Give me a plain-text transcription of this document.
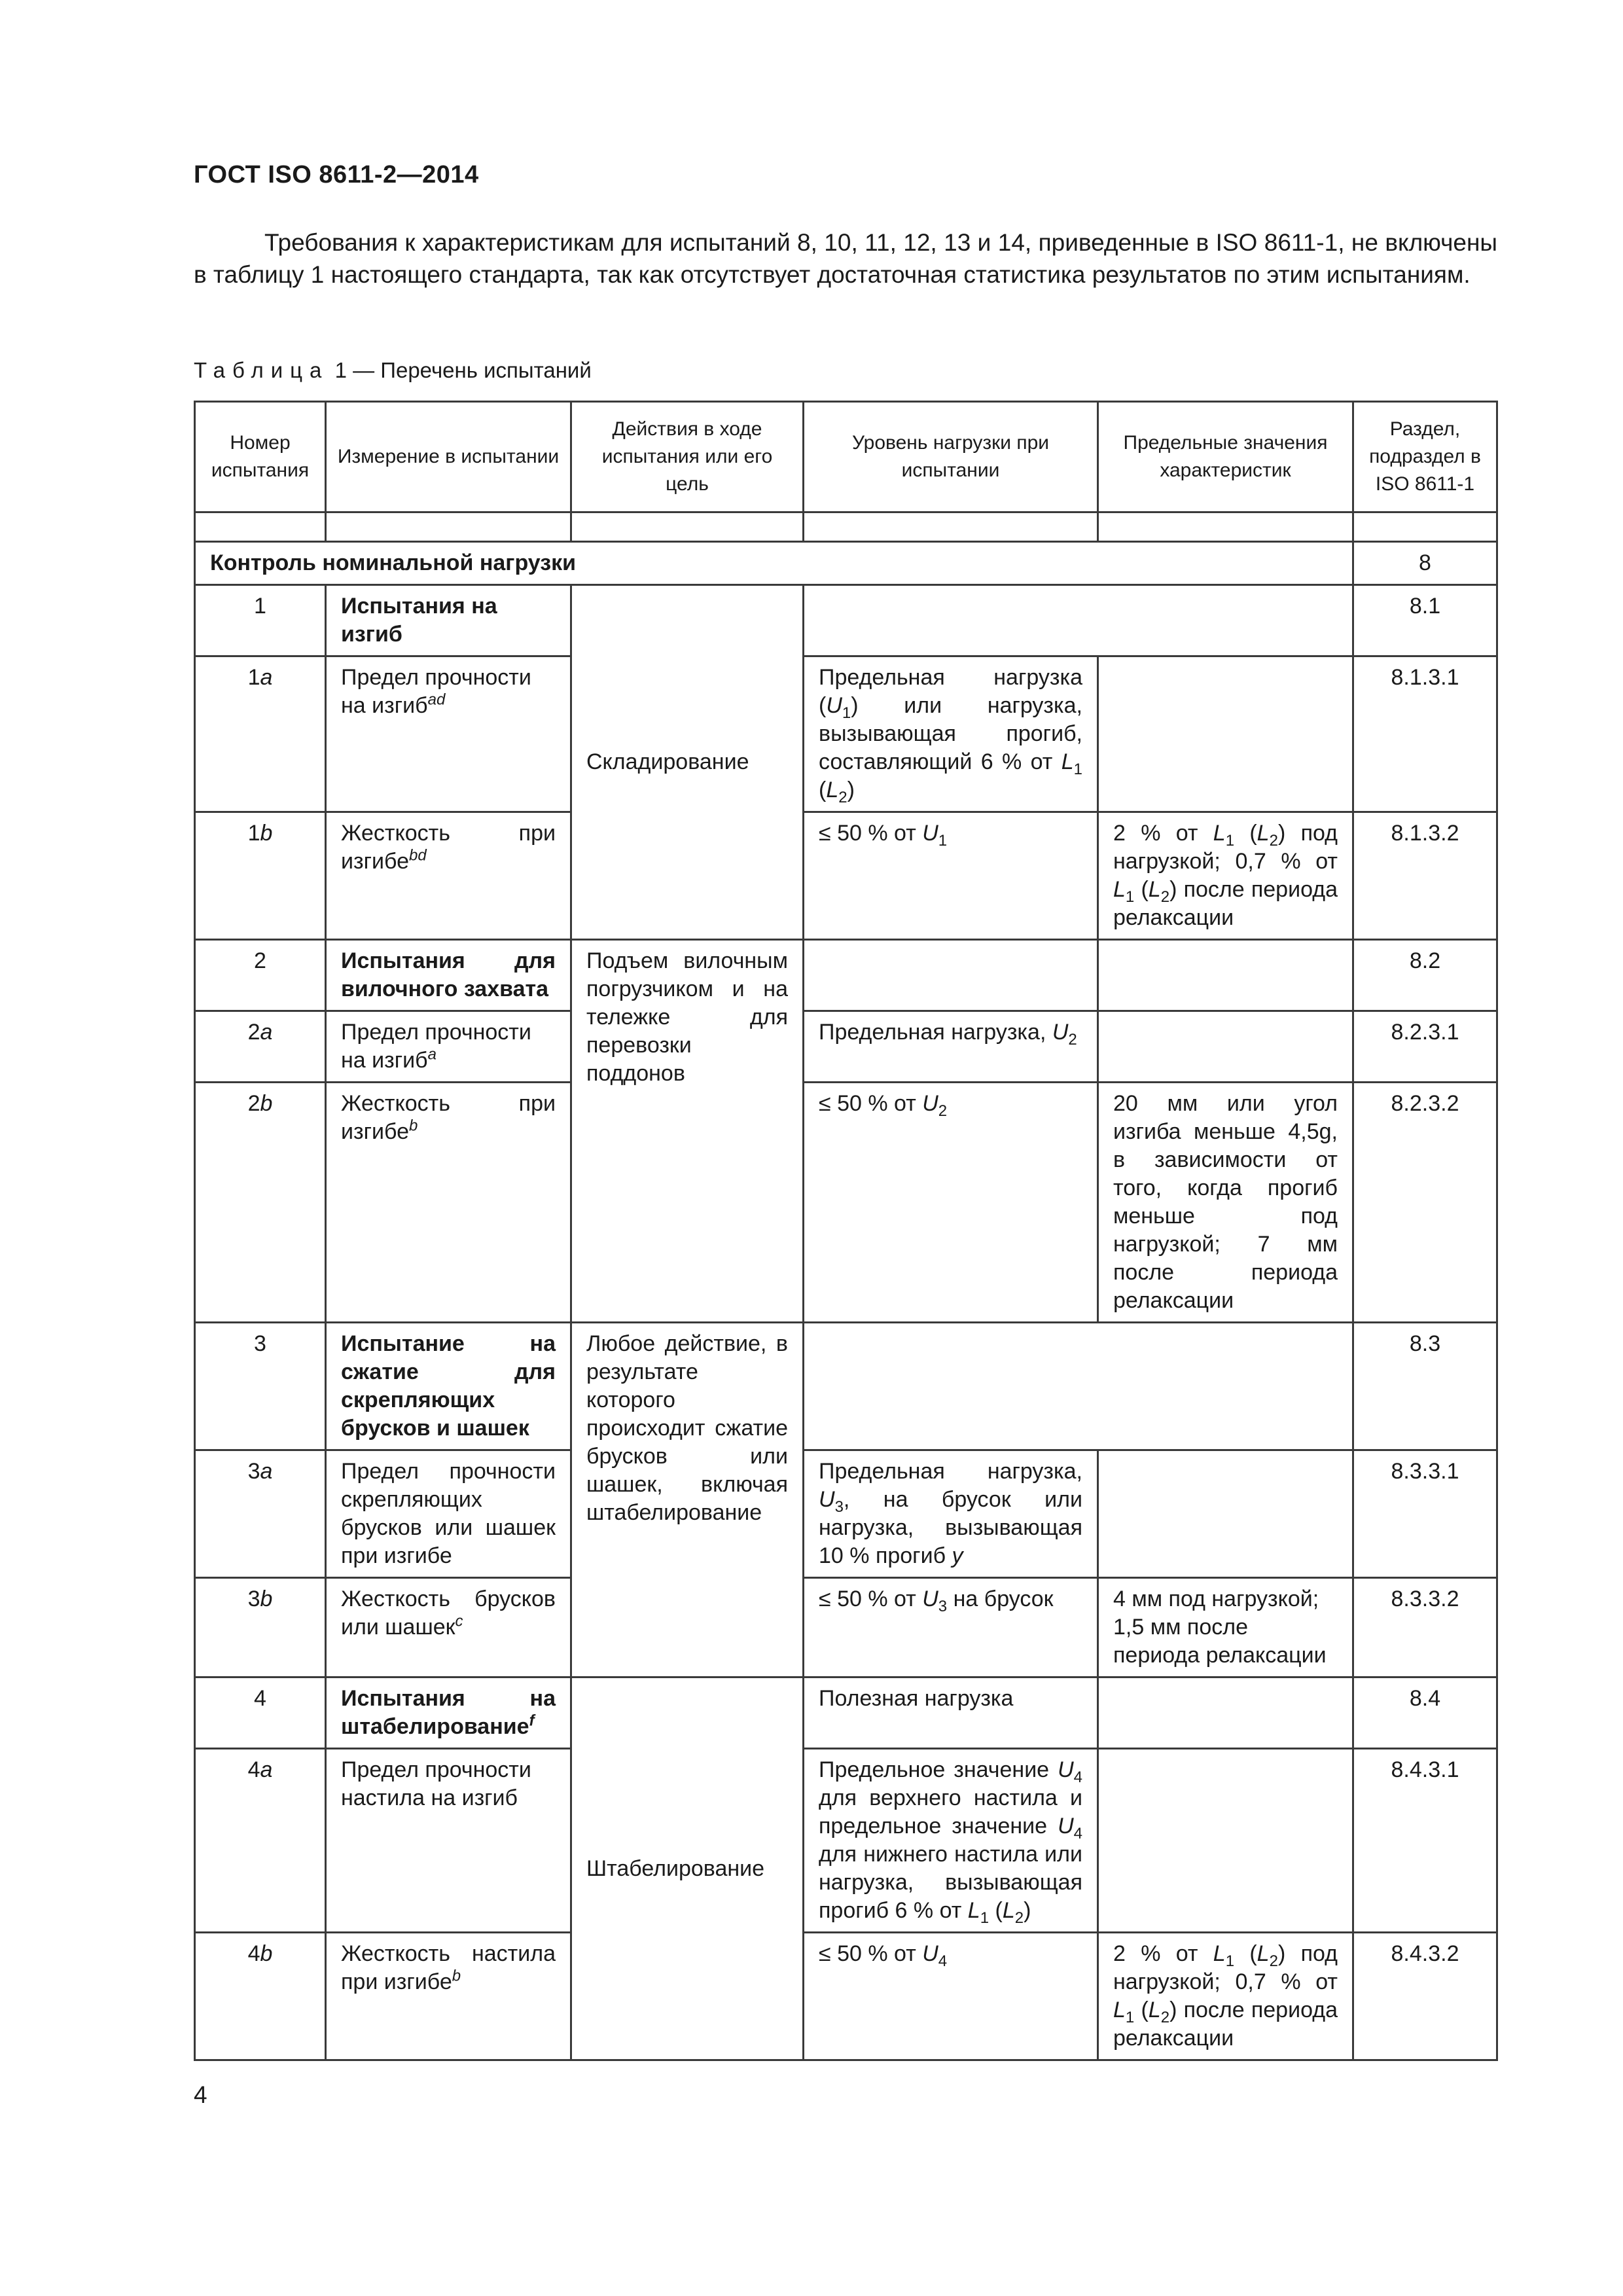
ГОСТ ISO 8611-2—2014

Требования к характеристикам для испытаний 8, 10, 11, 12, 13 и 14, приведенные в ISO 8611-1, не включены в таблицу 1 настоящего стандарта, так как отсутствует достаточная статистика результатов по этим испытаниям.

Таблица 1 — Перечень испытаний
Номер испытания	Измерение в испытании	Действия в ходе испытания или его цель	Уровень нагрузки при испытании	Предельные значения характеристик	Раздел, подраздел в ISO 8611-1

Контроль номинальной нагрузки					8
1	Испытания на изгиб	Складирование			8.1
1a	Предел прочности на изгиб$^{ad}$		Предельная нагрузка $(U_1)$ или нагрузка, вызывающая прогиб, составляющий 6 % от $L_1$ $(L_2)$		8.1.3.1
1b	Жесткость при изгибе$^{bd}$		≤ 50 % от $U_1$	2 % от $L_1$ $(L_2)$ под нагрузкой; 0,7 % от $L_1$ $(L_2)$ после периода релаксации	8.1.3.2
2	Испытания для вилочного захвата	Подъем вилочным погрузчиком и на тележке для перевозки поддонов			8.2
2a	Предел прочности на изгиб$^a$		Предельная нагрузка, $U_2$		8.2.3.1
2b	Жесткость при изгибе$^b$		≤ 50 % от $U_2$	20 мм или угол изгиба меньше 4,5g, в зависимости от того, когда прогиб меньше под нагрузкой; 7 мм после периода релаксации	8.2.3.2
3	Испытание на сжатие для скрепляющих брусков и шашек	Любое действие, в результате которого происходит сжатие брусков или шашек, включая штабелирование			8.3
3a	Предел прочности скрепляющих брусков или шашек при изгибе		Предельная нагрузка, $U_3$, на брусок или нагрузка, вызывающая 10 % прогиб y		8.3.3.1
3b	Жесткость брусков или шашек$^c$		≤ 50 % от $U_3$ на брусок	4 мм под нагрузкой; 1,5 мм после периода релаксации	8.3.3.2
4	Испытания на штабелирование$^f$	Штабелирование	Полезная нагрузка		8.4
4a	Предел прочности настила на изгиб		Предельное значение $U_4$ для верхнего настила и предельное значение $U_4$ для нижнего настила или нагрузка, вызывающая прогиб 6 % от $L_1$ $(L_2)$		8.4.3.1
4b	Жесткость настила при изгибе$^b$		≤ 50 % от $U_4$	2 % от $L_1$ $(L_2)$ под нагрузкой; 0,7 % от $L_1$ $(L_2)$ после периода релаксации	8.4.3.2
4
